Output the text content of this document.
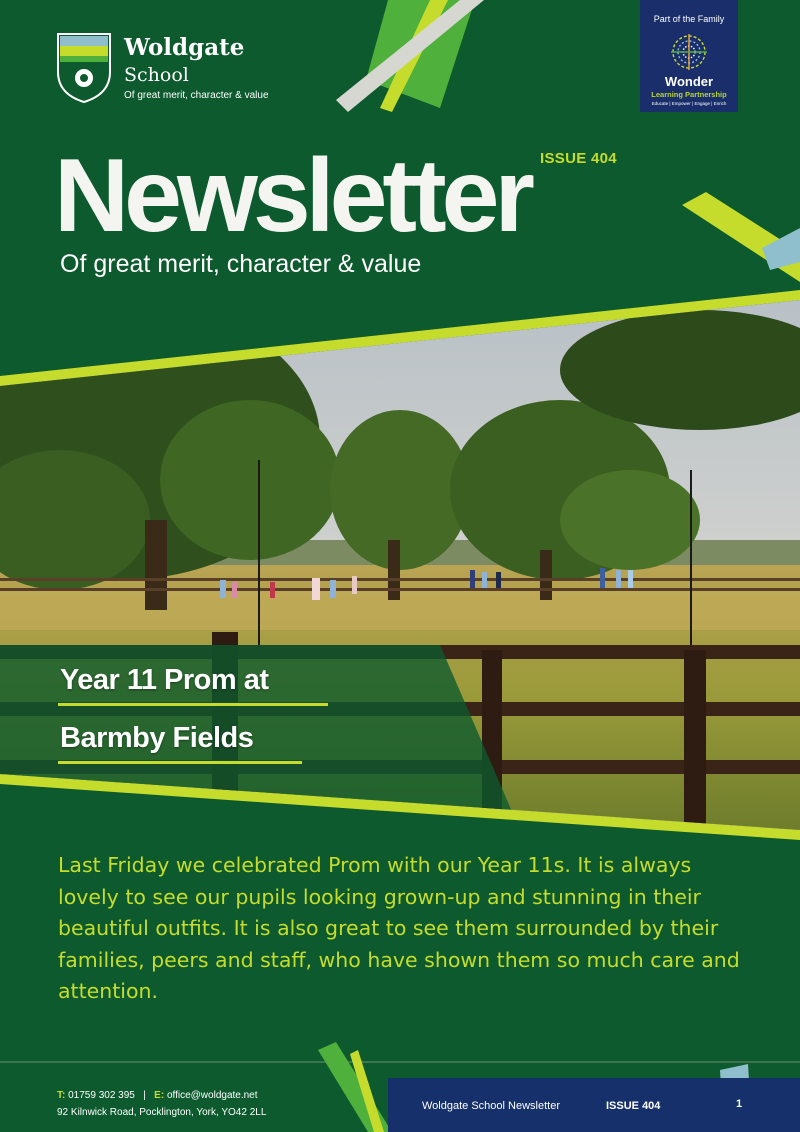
Woldgate
School
Of great merit, character & value
Part of the Family
Wonder
Learning Partnership
Educate | Empower | Engage | Enrich
ISSUE 404
Newsletter
Of great merit, character & value
Year 11 Prom at
Barmby Fields
Last Friday we celebrated Prom with our Year 11s. It is always lovely to see our pupils looking grown-up and stunning in their beautiful outfits. It is also great to see them surrounded by their families, peers and staff, who have shown them so much care and attention.
T: 01759 302 395 | E: office@woldgate.net
92 Kilnwick Road, Pocklington, York, YO42 2LL
Woldgate School Newsletter	ISSUE 404	1
